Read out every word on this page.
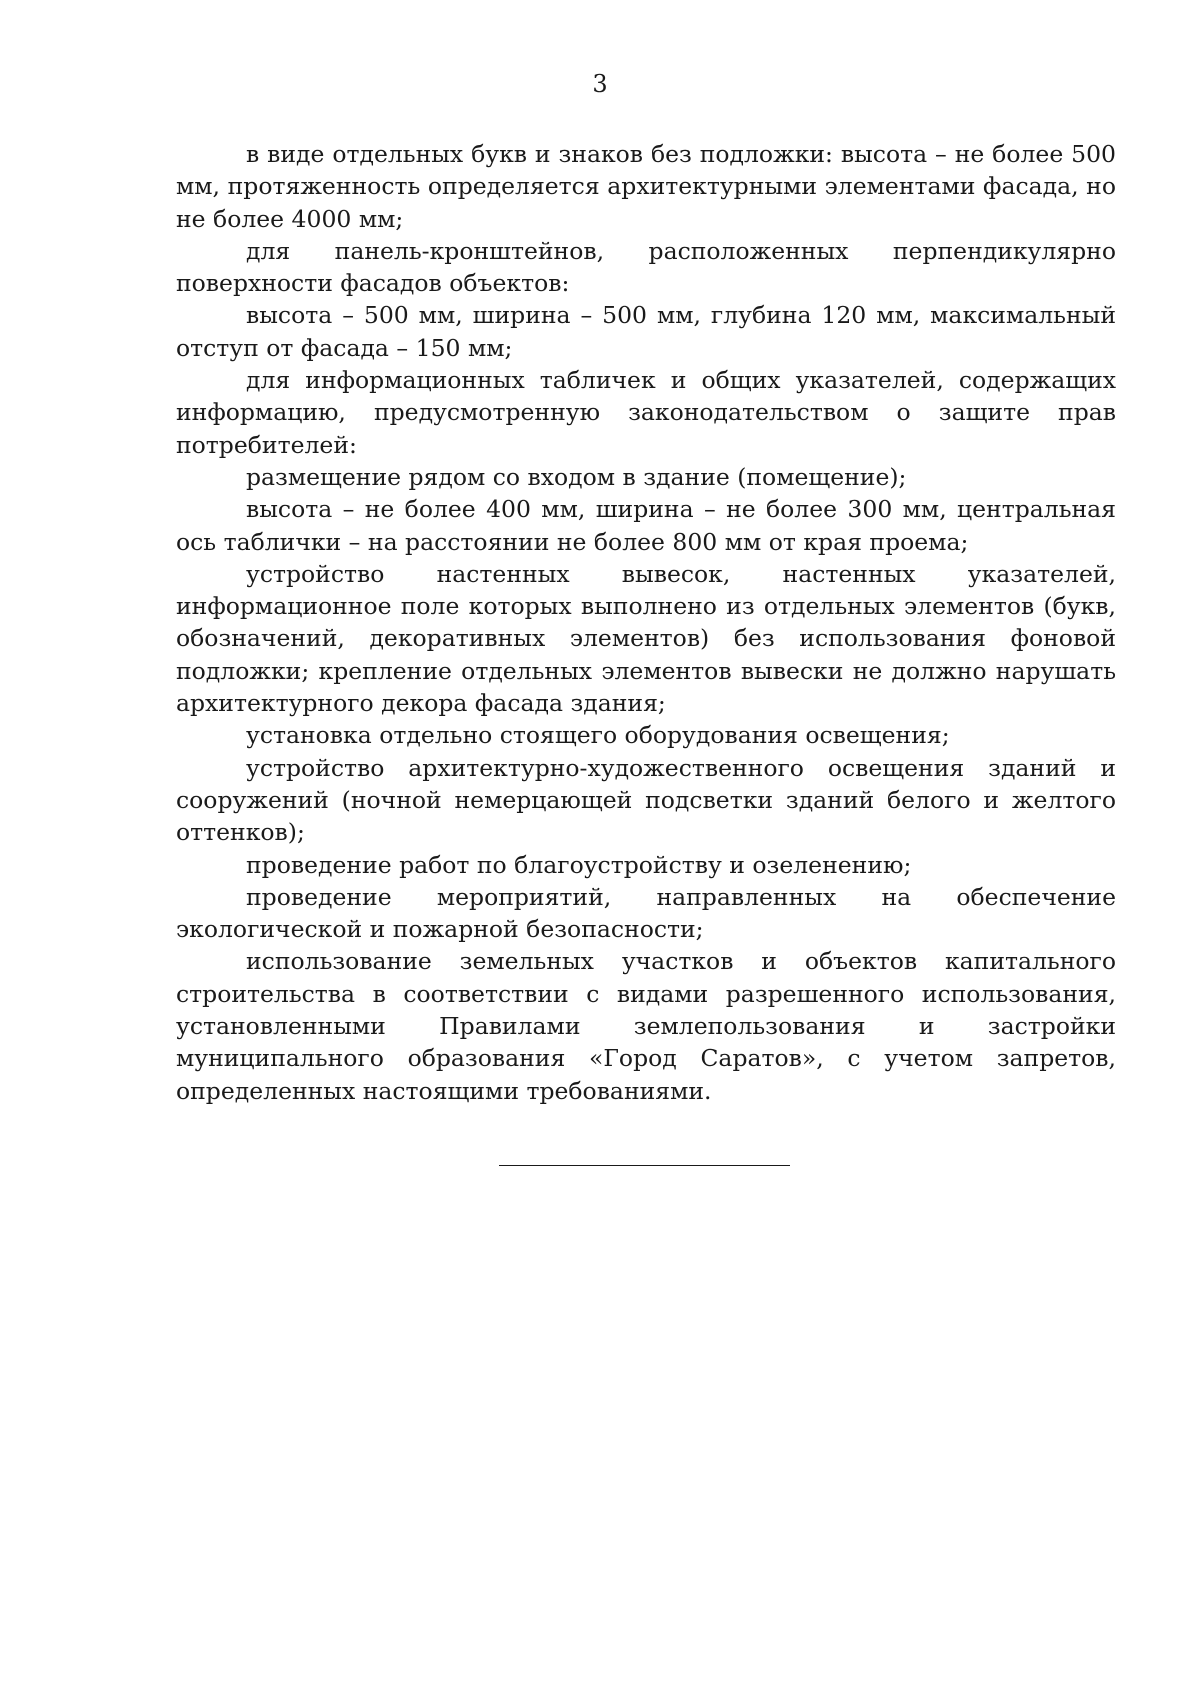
3

в виде отдельных букв и знаков без подложки: высота – не более 500 мм, протяженность определяется архитектурными элементами фасада, но не более 4000 мм;

для панель-кронштейнов, расположенных перпендикулярно поверхности фасадов объектов:

высота – 500 мм, ширина – 500 мм, глубина 120 мм, максимальный отступ от фасада – 150 мм;

для информационных табличек и общих указателей, содержащих информацию, предусмотренную законодательством о защите прав потребителей:

размещение рядом со входом в здание (помещение);

высота – не более 400 мм, ширина – не более 300 мм, центральная ось таблички – на расстоянии не более 800 мм от края проема;

устройство настенных вывесок, настенных указателей, информационное поле которых выполнено из отдельных элементов (букв, обозначений, декоративных элементов) без использования фоновой подложки; крепление отдельных элементов вывески не должно нарушать архитектурного декора фасада здания;

установка отдельно стоящего оборудования освещения;

устройство архитектурно-художественного освещения зданий и сооружений (ночной немерцающей подсветки зданий белого и желтого оттенков);

проведение работ по благоустройству и озеленению;

проведение мероприятий, направленных на обеспечение экологической и пожарной безопасности;

использование земельных участков и объектов капитального строительства в соответствии с видами разрешенного использования, установленными Правилами землепользования и застройки муниципального образования «Город Саратов», с учетом запретов, определенных настоящими требованиями.
